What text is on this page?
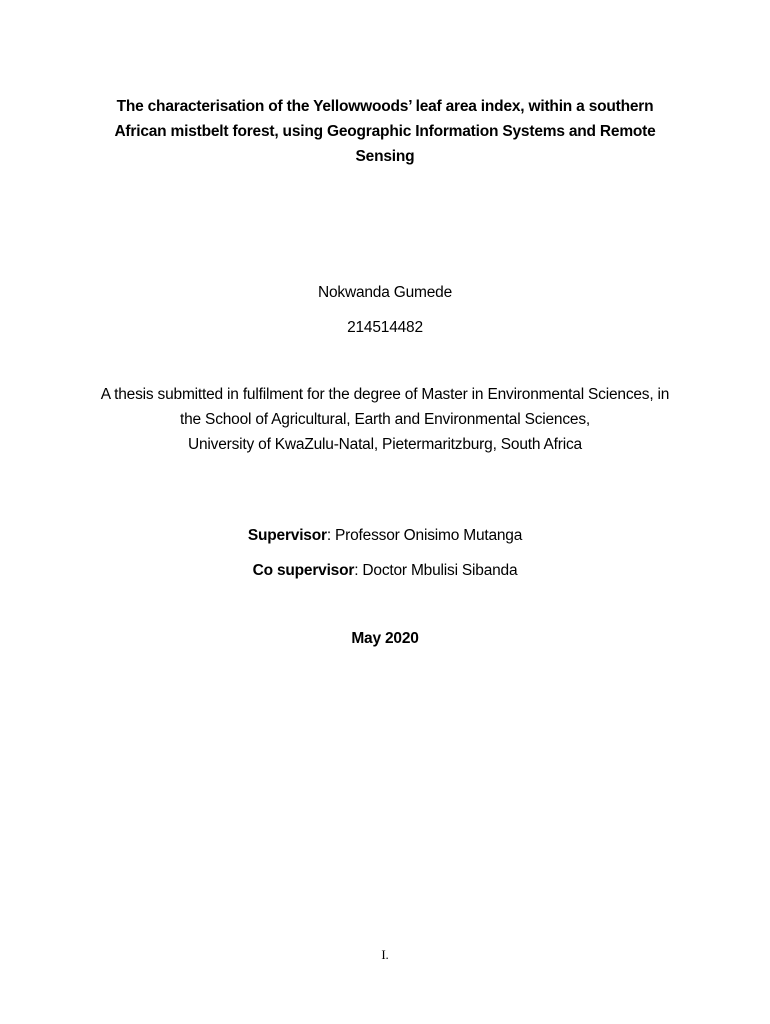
The characterisation of the Yellowwoods’ leaf area index, within a southern
African mistbelt forest, using Geographic Information Systems and Remote
Sensing
Nokwanda Gumede
214514482
A thesis submitted in fulfilment for the degree of Master in Environmental Sciences, in
the School of Agricultural, Earth and Environmental Sciences,
University of KwaZulu-Natal, Pietermaritzburg, South Africa
Supervisor: Professor Onisimo Mutanga
Co supervisor: Doctor Mbulisi Sibanda
May 2020
I.
